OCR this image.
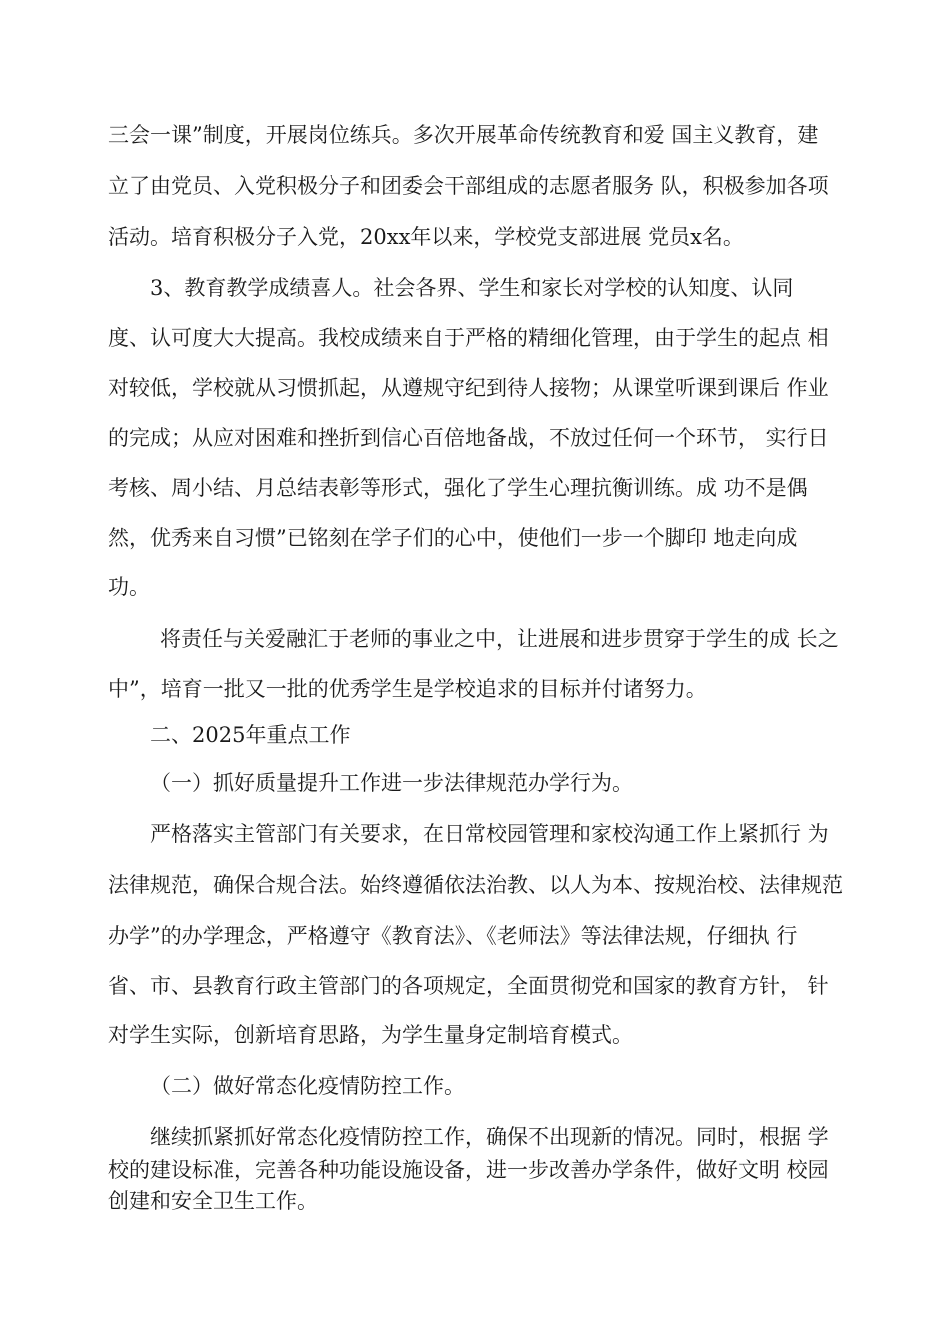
三会一课”制度，开展岗位练兵。多次开展革命传统教育和爱 国主义教育，建
立了由党员、入党积极分子和团委会干部组成的志愿者服务 队，积极参加各项
活动。培育积极分子入党，20xx年以来，学校党支部进展 党员x名。
3、教育教学成绩喜人。社会各界、学生和家长对学校的认知度、认同
度、认可度大大提高。我校成绩来自于严格的精细化管理，由于学生的起点 相
对较低，学校就从习惯抓起，从遵规守纪到待人接物；从课堂听课到课后 作业
的完成；从应对困难和挫折到信心百倍地备战，不放过任何一个环节， 实行日
考核、周小结、月总结表彰等形式，强化了学生心理抗衡训练。成 功不是偶
然，优秀来自习惯”已铭刻在学子们的心中，使他们一步一个脚印 地走向成
功。
将责任与关爱融汇于老师的事业之中，让进展和进步贯穿于学生的成 长之
中”，培育一批又一批的优秀学生是学校追求的目标并付诸努力。
二、2025年重点工作
（一）抓好质量提升工作进一步法律规范办学行为。
严格落实主管部门有关要求，在日常校园管理和家校沟通工作上紧抓行 为
法律规范，确保合规合法。始终遵循依法治教、以人为本、按规治校、法律规范
办学”的办学理念，严格遵守《教育法》、《老师法》等法律法规，仔细执 行
省、市、县教育行政主管部门的各项规定，全面贯彻党和国家的教育方针， 针
对学生实际，创新培育思路，为学生量身定制培育模式。
（二）做好常态化疫情防控工作。
继续抓紧抓好常态化疫情防控工作，确保不出现新的情况。同时，根据 学
校的建设标准，完善各种功能设施设备，进一步改善办学条件，做好文明 校园
创建和安全卫生工作。
